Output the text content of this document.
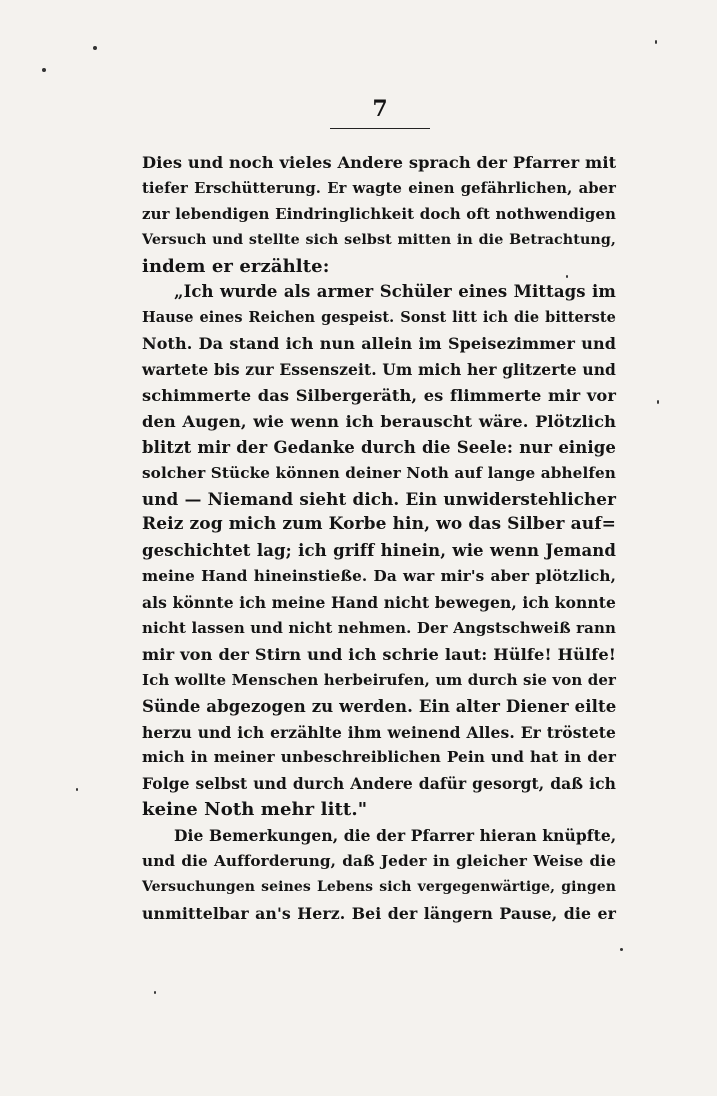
7
Dies und noch vieles Andere sprach der Pfarrer mit
tiefer Erschütterung. Er wagte einen gefährlichen, aber
zur lebendigen Eindringlichkeit doch oft nothwendigen
Versuch und stellte sich selbst mitten in die Betrachtung,
indem er erzählte:
„Ich wurde als armer Schüler eines Mittags im
Hause eines Reichen gespeist. Sonst litt ich die bitterste
Noth. Da stand ich nun allein im Speisezimmer und
wartete bis zur Essenszeit. Um mich her glitzerte und
schimmerte das Silbergeräth, es flimmerte mir vor
den Augen, wie wenn ich berauscht wäre. Plötzlich
blitzt mir der Gedanke durch die Seele: nur einige
solcher Stücke können deiner Noth auf lange abhelfen
und — Niemand sieht dich. Ein unwiderstehlicher
Reiz zog mich zum Korbe hin, wo das Silber auf=
geschichtet lag; ich griff hinein, wie wenn Jemand
meine Hand hineinstieße. Da war mir's aber plötzlich,
als könnte ich meine Hand nicht bewegen, ich konnte
nicht lassen und nicht nehmen. Der Angstschweiß rann
mir von der Stirn und ich schrie laut: Hülfe! Hülfe!
Ich wollte Menschen herbeirufen, um durch sie von der
Sünde abgezogen zu werden. Ein alter Diener eilte
herzu und ich erzählte ihm weinend Alles. Er tröstete
mich in meiner unbeschreiblichen Pein und hat in der
Folge selbst und durch Andere dafür gesorgt, daß ich
keine Noth mehr litt."
Die Bemerkungen, die der Pfarrer hieran knüpfte,
und die Aufforderung, daß Jeder in gleicher Weise die
Versuchungen seines Lebens sich vergegenwärtige, gingen
unmittelbar an's Herz. Bei der längern Pause, die er
